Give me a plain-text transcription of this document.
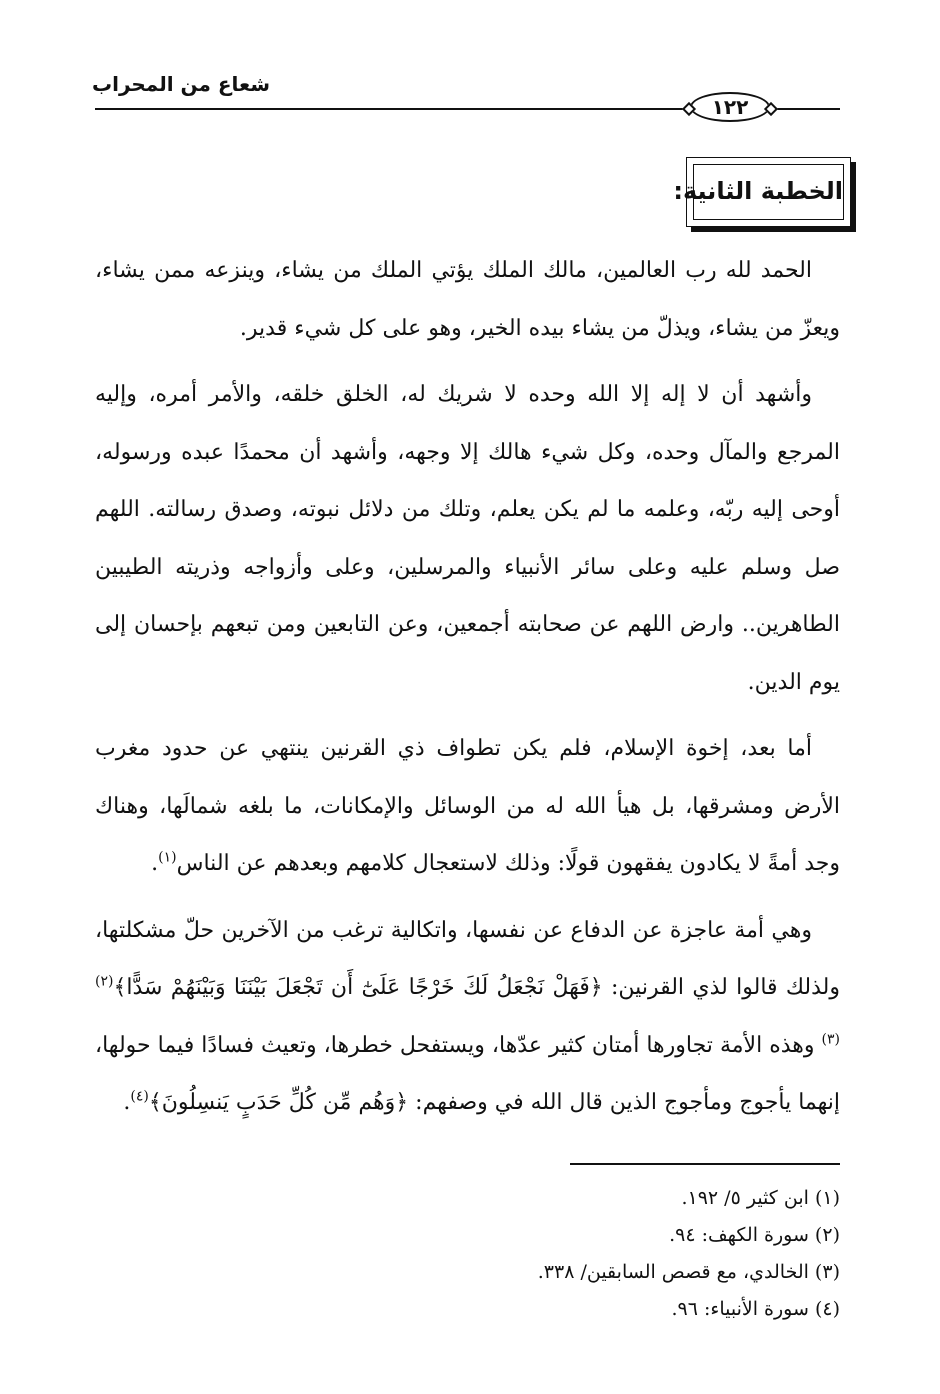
شعاع من المحراب
١٢٢
الخطبة الثانية:

الحمد لله رب العالمين، مالك الملك يؤتي الملك من يشاء، وينزعه ممن يشاء، ويعزّ من يشاء، ويذلّ من يشاء بيده الخير، وهو على كل شيء قدير.

وأشهد أن لا إله إلا الله وحده لا شريك له، الخلق خلقه، والأمر أمره، وإليه المرجع والمآل وحده، وكل شيء هالك إلا وجهه، وأشهد أن محمدًا عبده ورسوله، أوحى إليه ربّه، وعلمه ما لم يكن يعلم، وتلك من دلائل نبوته، وصدق رسالته. اللهم صل وسلم عليه وعلى سائر الأنبياء والمرسلين، وعلى وأزواجه وذريته الطيبين الطاهرين.. وارض اللهم عن صحابته أجمعين، وعن التابعين ومن تبعهم بإحسان إلى يوم الدين.

أما بعد، إخوة الإسلام، فلم يكن تطواف ذي القرنين ينتهي عن حدود مغرب الأرض ومشرقها، بل هيأ الله له من الوسائل والإمكانات، ما بلغه شمالَها، وهناك وجد أمةً لا يكادون يفقهون قولًا: وذلك لاستعجال كلامهم وبعدهم عن الناس$^{(١)}$.

وهي أمة عاجزة عن الدفاع عن نفسها، واتكالية ترغب من الآخرين حلّ مشكلتها، ولذلك قالوا لذي القرنين: ﴿فَهَلْ نَجْعَلُ لَكَ خَرْجًا عَلَىٰٓ أَن تَجْعَلَ بَيْنَنَا وَبَيْنَهُمْ سَدًّا﴾$^{(٢)(٣)}$ وهذه الأمة تجاورها أمتان كثير عدّها، ويستفحل خطرها، وتعيث فسادًا فيما حولها، إنهما يأجوج ومأجوج الذين قال الله في وصفهم: ﴿وَهُم مِّن كُلِّ حَدَبٍ يَنسِلُونَ﴾$^{(٤)}$.

(١) ابن كثير ٥/ ١٩٢.

(٢) سورة الكهف: ٩٤.

(٣) الخالدي، مع قصص السابقين/ ٣٣٨.

(٤) سورة الأنبياء: ٩٦.
